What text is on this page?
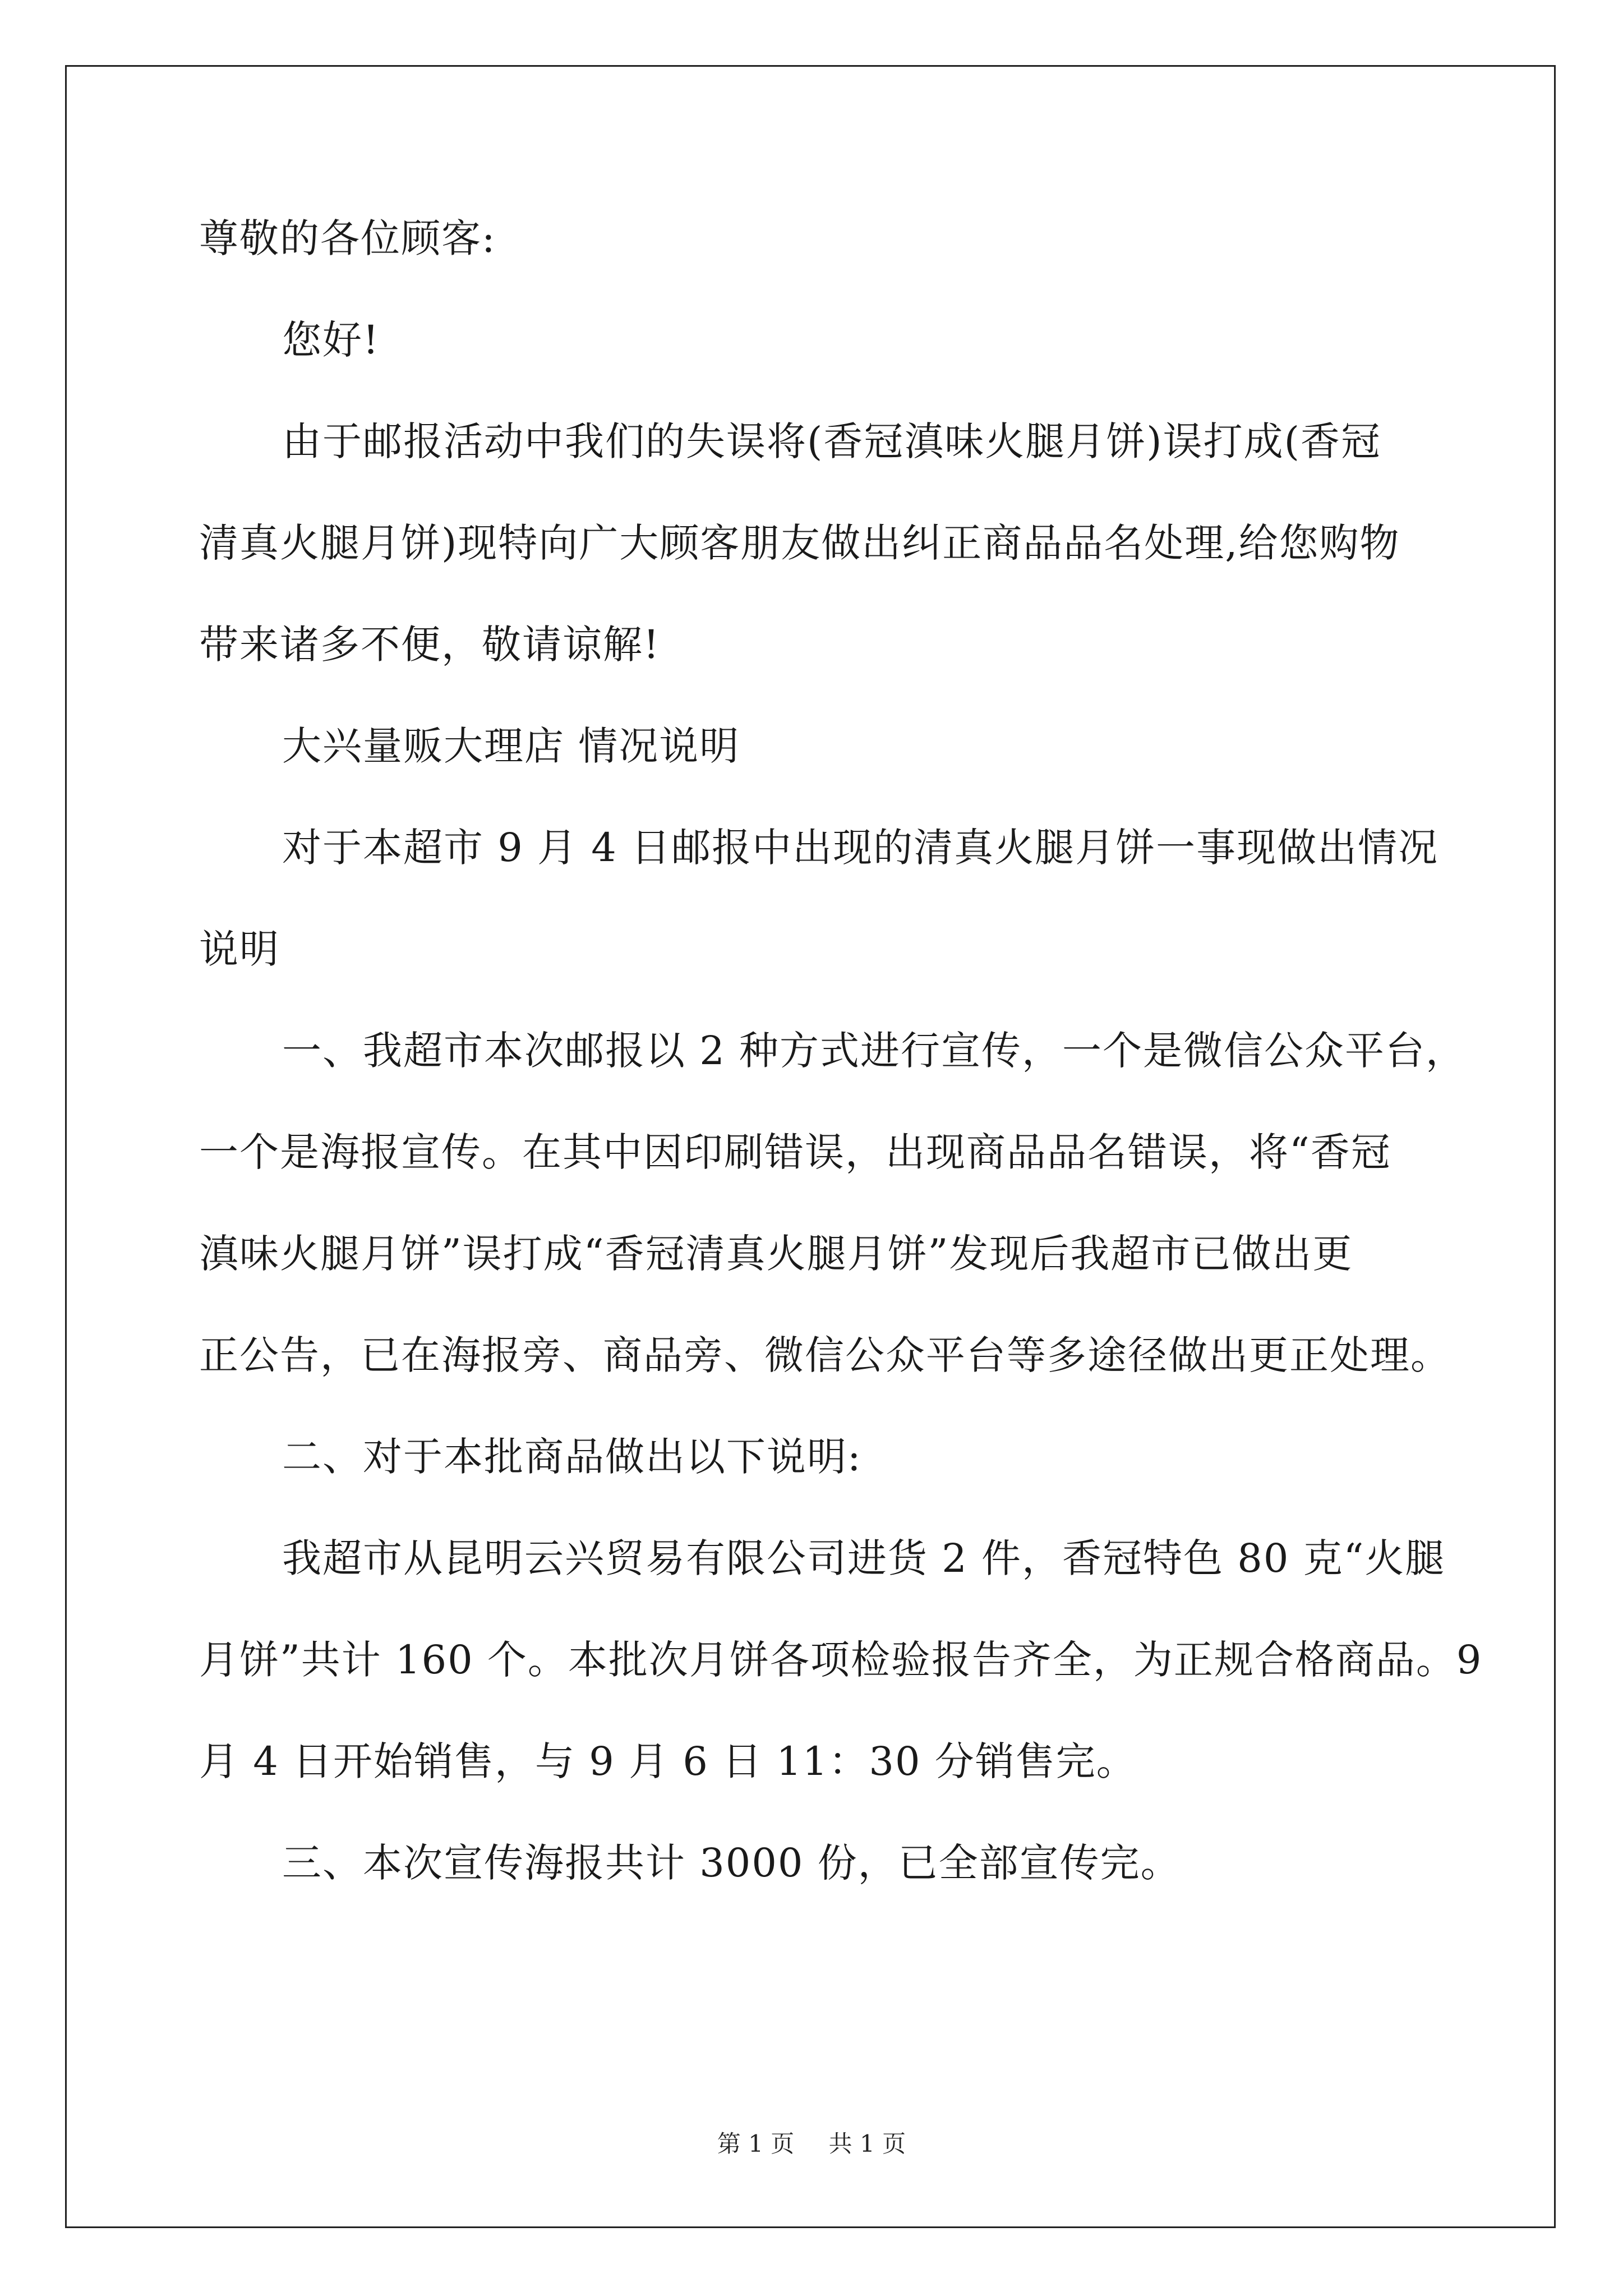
尊敬的各位顾客:
您好!
由于邮报活动中我们的失误将(香冠滇味火腿月饼)误打成(香冠
清真火腿月饼)现特向广大顾客朋友做出纠正商品品名处理,给您购物
带来诸多不便，敬请谅解!
大兴量贩大理店 情况说明
对于本超市 9 月 4 日邮报中出现的清真火腿月饼一事现做出情况
说明
一、我超市本次邮报以 2 种方式进行宣传，一个是微信公众平台，
一个是海报宣传。在其中因印刷错误，出现商品品名错误，将“香冠
滇味火腿月饼”误打成“香冠清真火腿月饼”发现后我超市已做出更
正公告，已在海报旁、商品旁、微信公众平台等多途径做出更正处理。
二、对于本批商品做出以下说明:
我超市从昆明云兴贸易有限公司进货 2 件，香冠特色 80 克“火腿
月饼”共计 160 个。本批次月饼各项检验报告齐全，为正规合格商品。9
月 4 日开始销售，与 9 月 6 日 11：30 分销售完。
三、本次宣传海报共计 3000 份，已全部宣传完。
第 1 页 共 1 页
